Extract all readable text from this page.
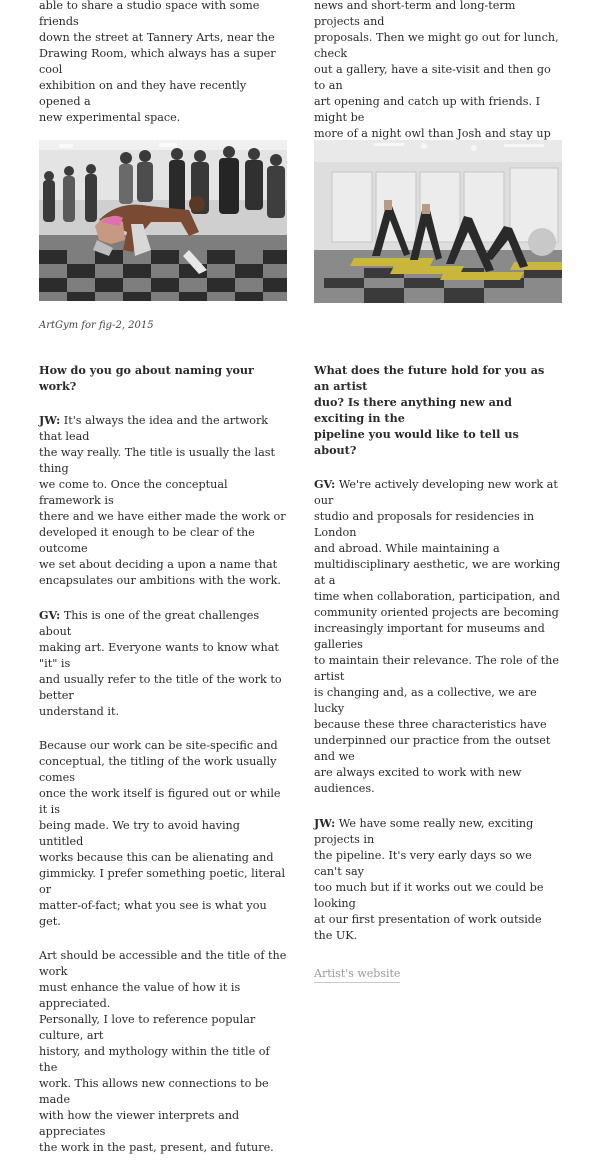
able to share a studio space with some friends
down the street at Tannery Arts, near the
Drawing Room, which always has a super cool
exhibition on and they have recently opened a
new experimental space.

news and short-term and long-term projects and
proposals. Then we might go out for lunch, check
out a gallery, have a site-visit and then go to an
art opening and catch up with friends. I might be
more of a night owl than Josh and stay up

ArtGym for fig-2, 2015

How do you go about naming your work?

JW: It's always the idea and the artwork that lead
the way really. The title is usually the last thing
we come to. Once the conceptual framework is
there and we have either made the work or
developed it enough to be clear of the outcome
we set about deciding a upon a name that
encapsulates our ambitions with the work.

GV: This is one of the great challenges about
making art. Everyone wants to know what "it" is
and usually refer to the title of the work to better
understand it.

Because our work can be site-specific and
conceptual, the titling of the work usually comes
once the work itself is figured out or while it is
being made. We try to avoid having untitled
works because this can be alienating and
gimmicky. I prefer something poetic, literal or
matter-of-fact; what you see is what you get.

Art should be accessible and the title of the work
must enhance the value of how it is appreciated.
Personally, I love to reference popular culture, art
history, and mythology within the title of the
work. This allows new connections to be made
with how the viewer interprets and appreciates
the work in the past, present, and future.

What does the future hold for you as an artist
duo? Is there anything new and exciting in the
pipeline you would like to tell us about?

GV: We're actively developing new work at our
studio and proposals for residencies in London
and abroad. While maintaining a
multidisciplinary aesthetic, we are working at a
time when collaboration, participation, and
community oriented projects are becoming
increasingly important for museums and galleries
to maintain their relevance. The role of the artist
is changing and, as a collective, we are lucky
because these three characteristics have
underpinned our practice from the outset and we
are always excited to work with new audiences.

JW: We have some really new, exciting projects in
the pipeline. It's very early days so we can't say
too much but if it works out we could be looking
at our first presentation of work outside the UK.

Artist's website
